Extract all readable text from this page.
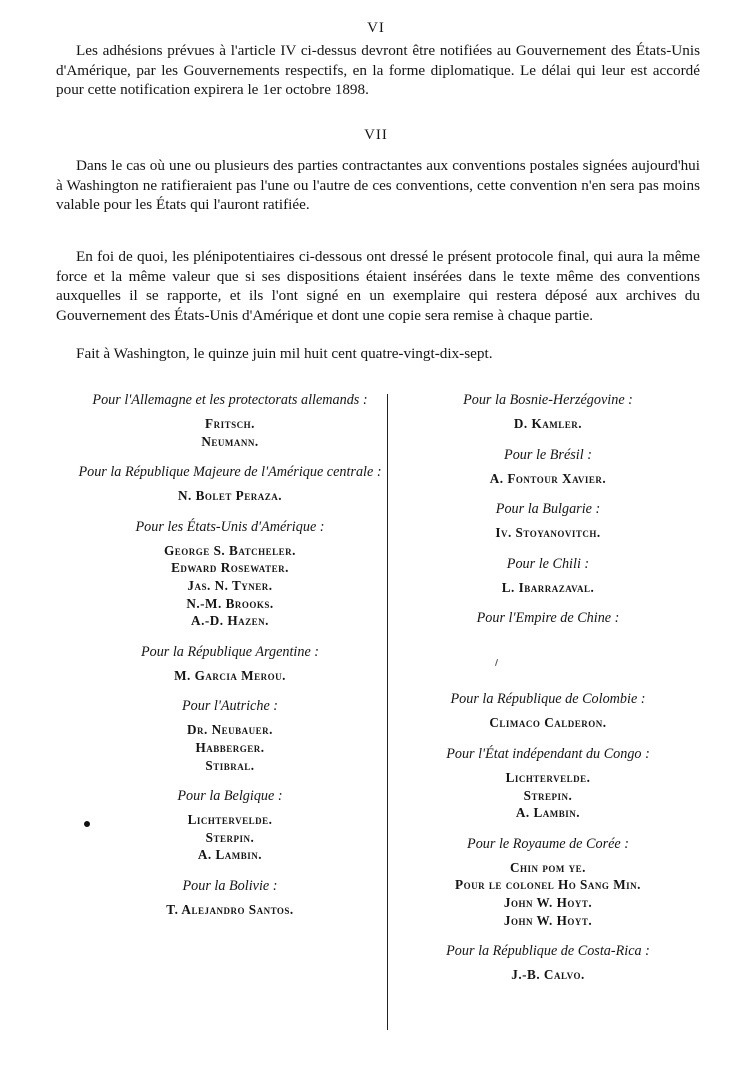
VI

Les adhésions prévues à l'article IV ci-dessus devront être notifiées au Gouvernement des États-Unis d'Amérique, par les Gouvernements respectifs, en la forme diplomatique. Le délai qui leur est accordé pour cette notification expirera le 1er octobre 1898.

VII

Dans le cas où une ou plusieurs des parties contractantes aux conventions postales signées aujourd'hui à Washington ne ratifieraient pas l'une ou l'autre de ces conventions, cette convention n'en sera pas moins valable pour les États qui l'auront ratifiée.

En foi de quoi, les plénipotentiaires ci-dessous ont dressé le présent protocole final, qui aura la même force et la même valeur que si ses dispositions étaient insérées dans le texte même des conventions auxquelles il se rapporte, et ils l'ont signé en un exemplaire qui restera déposé aux archives du Gouvernement des États-Unis d'Amérique et dont une copie sera remise à chaque partie.

Fait à Washington, le quinze juin mil huit cent quatre-vingt-dix-sept.

Pour l'Allemagne et les protectorats allemands :
Fritsch.
Neumann.
Pour la République Majeure de l'Amérique centrale :
N. Bolet Peraza.
Pour les États-Unis d'Amérique :
George S. Batcheler.
Edward Rosewater.
Jas. N. Tyner.
N.-M. Brooks.
A.-D. Hazen.
Pour la République Argentine :
M. Garcia Merou.
Pour l'Autriche :
Dr. Neubauer.
Habberger.
Stibral.
Pour la Belgique :
Lichtervelde.
Sterpin.
A. Lambin.
Pour la Bolivie :
T. Alejandro Santos.
Pour la Bosnie-Herzégovine :
D. Kamler.
Pour le Brésil :
A. Fontour Xavier.
Pour la Bulgarie :
Iv. Stoyanovitch.
Pour le Chili :
L. Ibarrazaval.
Pour l'Empire de Chine :
Pour la République de Colombie :
Climaco Calderon.
Pour l'État indépendant du Congo :
Lichtervelde.
Strepin.
A. Lambin.
Pour le Royaume de Corée :
Chin pom ye.
Pour le colonel Ho Sang Min.
John W. Hoyt.
John W. Hoyt.
Pour la République de Costa-Rica :
J.-B. Calvo.
